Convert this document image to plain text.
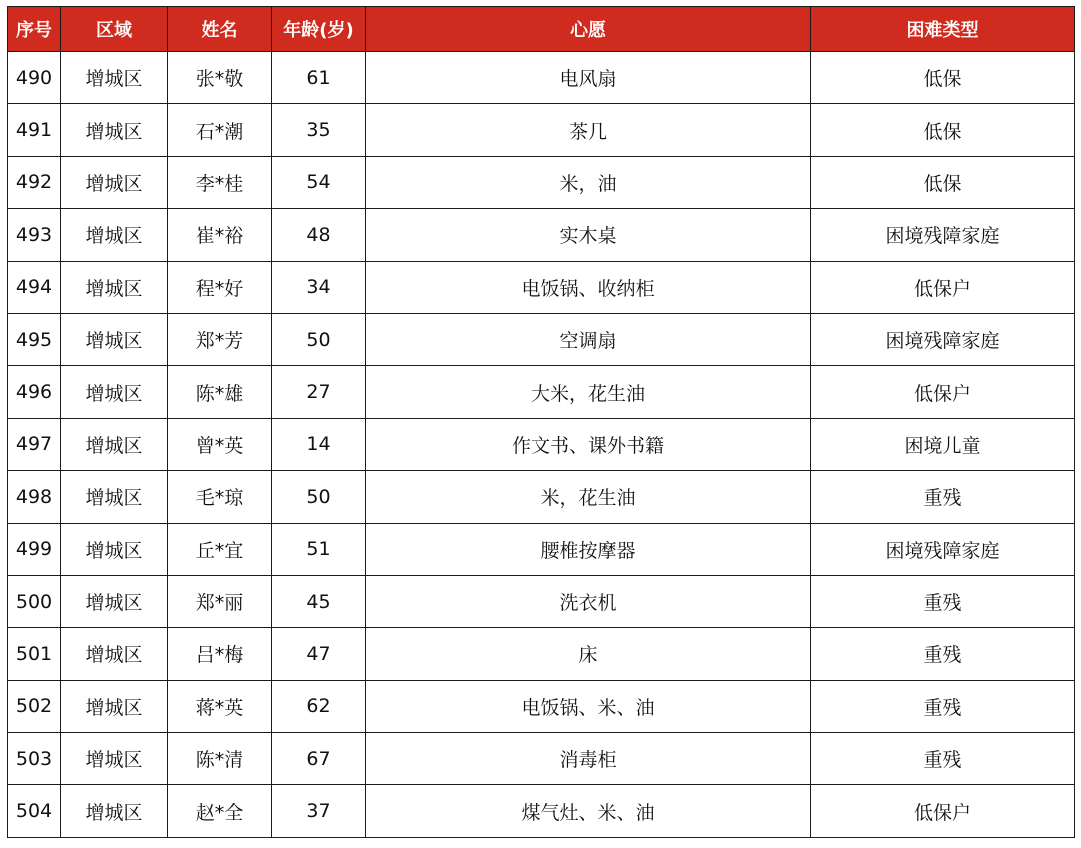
序号	区域	姓名	年龄(岁)	心愿	困难类型
490	增城区	张*敬	61	电风扇	低保
491	增城区	石*潮	35	茶几	低保
492	增城区	李*桂	54	米，油	低保
493	增城区	崔*裕	48	实木桌	困境残障家庭
494	增城区	程*好	34	电饭锅、收纳柜	低保户
495	增城区	郑*芳	50	空调扇	困境残障家庭
496	增城区	陈*雄	27	大米，花生油	低保户
497	增城区	曾*英	14	作文书、课外书籍	困境儿童
498	增城区	毛*琼	50	米，花生油	重残
499	增城区	丘*宜	51	腰椎按摩器	困境残障家庭
500	增城区	郑*丽	45	洗衣机	重残
501	增城区	吕*梅	47	床	重残
502	增城区	蒋*英	62	电饭锅、米、油	重残
503	增城区	陈*清	67	消毒柜	重残
504	增城区	赵*全	37	煤气灶、米、油	低保户
